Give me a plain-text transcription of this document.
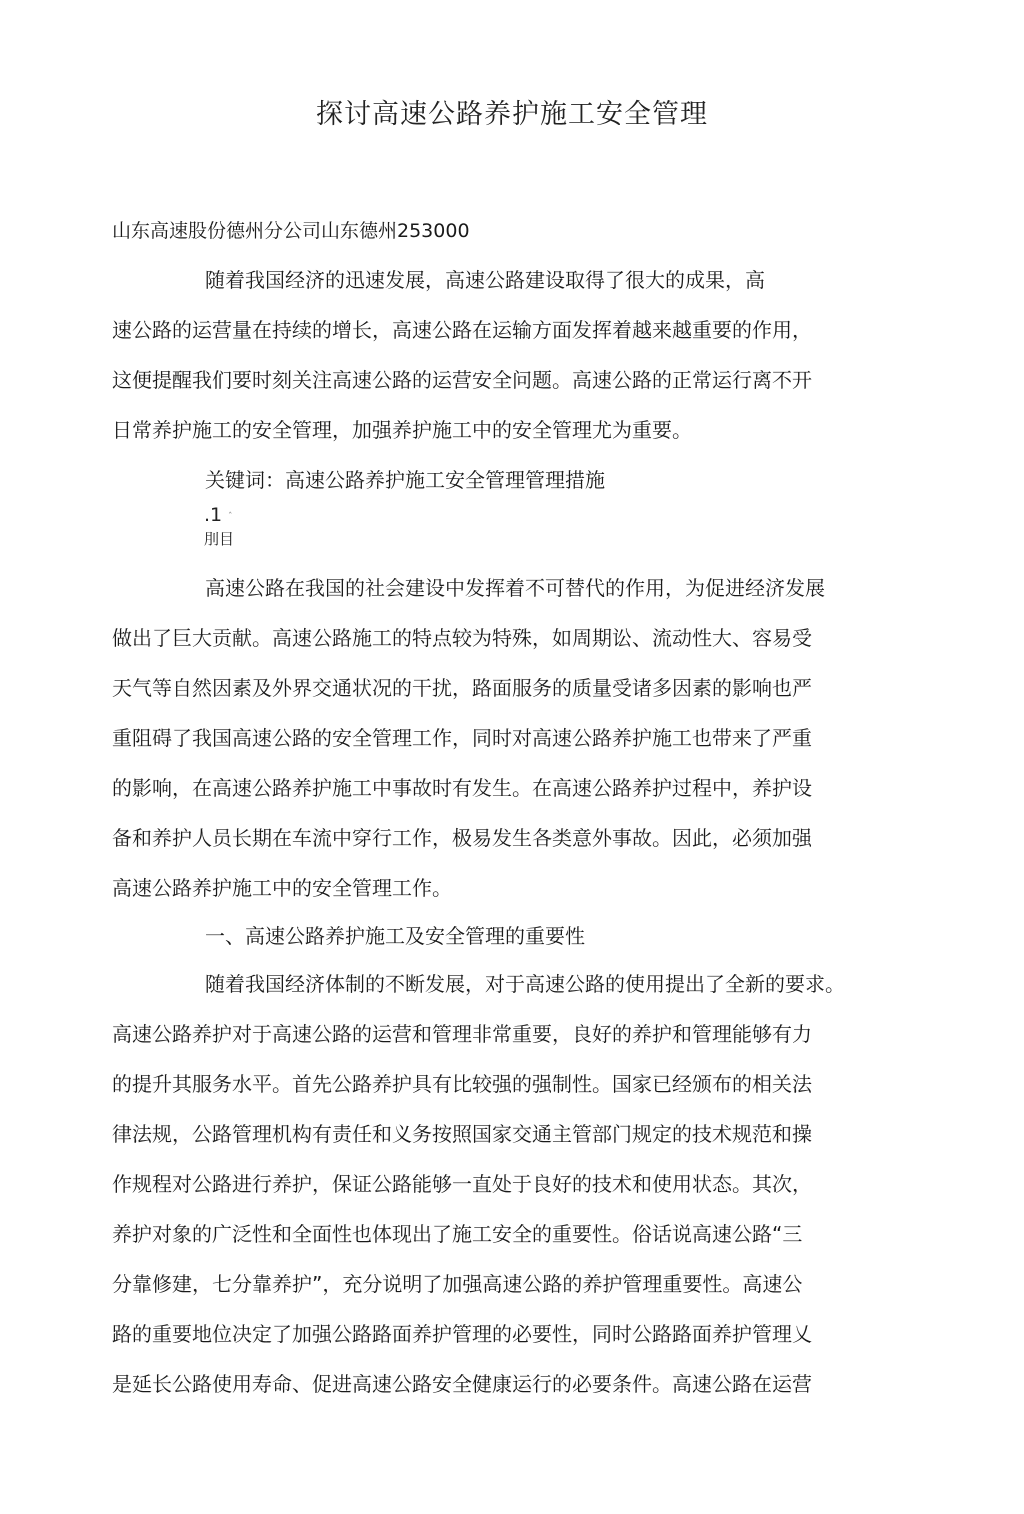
探讨高速公路养护施工安全管理
山东高速股份德州分公司山东德州253000
随着我国经济的迅速发展，高速公路建设取得了很大的成果，高
速公路的运营量在持续的增长，高速公路在运输方面发挥着越来越重要的作用，
这便提醒我们要时刻关注高速公路的运营安全问题。高速公路的正常运行离不开
日常养护施工的安全管理，加强养护施工中的安全管理尤为重要。
关键词：高速公路养护施工安全管理管理措施
.1 ˆ
刖目
高速公路在我国的社会建设中发挥着不可替代的作用，为促进经济发展
做出了巨大贡献。高速公路施工的特点较为特殊，如周期讼、流动性大、容易受
天气等自然因素及外界交通状况的干扰，路面服务的质量受诸多因素的影响也严
重阻碍了我国高速公路的安全管理工作，同时对高速公路养护施工也带来了严重
的影响，在高速公路养护施工中事故时有发生。在高速公路养护过程中，养护设
备和养护人员长期在车流中穿行工作，极易发生各类意外事故。因此，必须加强
高速公路养护施工中的安全管理工作。
一、高速公路养护施工及安全管理的重要性
随着我国经济体制的不断发展，对于高速公路的使用提出了全新的要求。
高速公路养护对于高速公路的运营和管理非常重要，良好的养护和管理能够有力
的提升其服务水平。首先公路养护具有比较强的强制性。国家已经颁布的相关法
律法规，公路管理机构有责任和义务按照国家交通主管部门规定的技术规范和操
作规程对公路进行养护，保证公路能够一直处于良好的技术和使用状态。其次，
养护对象的广泛性和全面性也体现出了施工安全的重要性。俗话说高速公路“三
分靠修建，七分靠养护”，充分说明了加强高速公路的养护管理重要性。高速公
路的重要地位决定了加强公路路面养护管理的必要性，同时公路路面养护管理乂
是延长公路使用寿命、促进高速公路安全健康运行的必要条件。高速公路在运营
